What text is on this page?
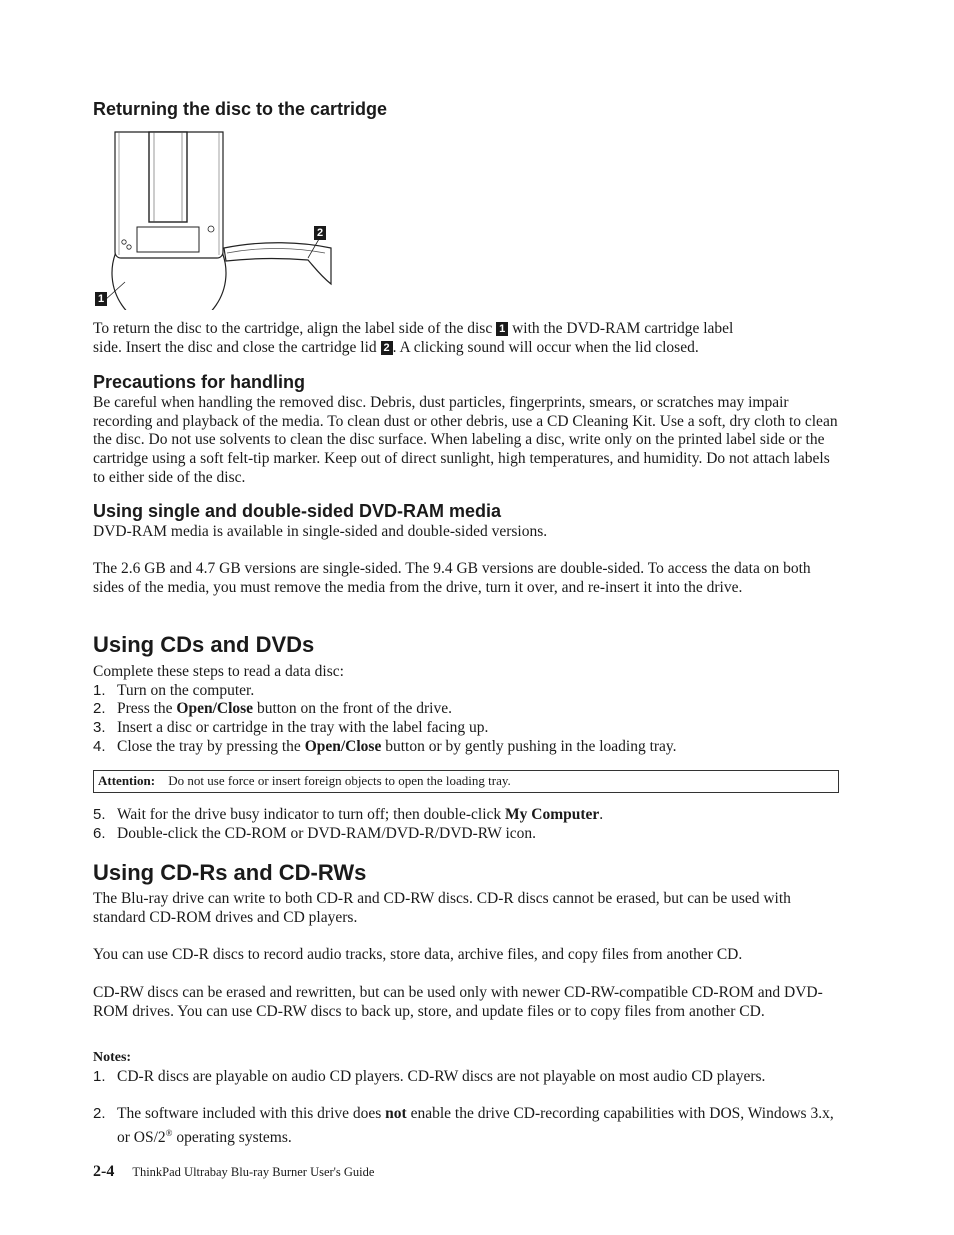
Returning the disc to the cartridge
1
2

To return the disc to the cartridge, align the label side of the disc 1 with the DVD-RAM cartridge label
side. Insert the disc and close the cartridge lid 2 . A clicking sound will occur when the lid closed.

Precautions for handling

Be careful when handling the removed disc. Debris, dust particles, fingerprints, smears, or scratches may impair recording and playback of the media. To clean dust or other debris, use a CD Cleaning Kit. Use a soft, dry cloth to clean the disc. Do not use solvents to clean the disc surface. When labeling a disc, write only on the printed label side or the cartridge using a soft felt-tip marker. Keep out of direct sunlight, high temperatures, and humidity. Do not attach labels to either side of the disc.

Using single and double-sided DVD-RAM media

DVD-RAM media is available in single-sided and double-sided versions.

The 2.6 GB and 4.7 GB versions are single-sided. The 9.4 GB versions are double-sided. To access the data on both sides of the media, you must remove the media from the drive, turn it over, and re-insert it into the drive.

Using CDs and DVDs

Complete these steps to read a data disc:

1. Turn on the computer.
2. Press the Open/Close button on the front of the drive.
3. Insert a disc or cartridge in the tray with the label facing up.
4. Close the tray by pressing the Open/Close button or by gently pushing in the loading tray.
Attention: Do not use force or insert foreign objects to open the loading tray.
5. Wait for the drive busy indicator to turn off; then double-click My Computer.
6. Double-click the CD-ROM or DVD-RAM/DVD-R/DVD-RW icon.
Using CD-Rs and CD-RWs

The Blu-ray drive can write to both CD-R and CD-RW discs. CD-R discs cannot be erased, but can be used with standard CD-ROM drives and CD players.

You can use CD-R discs to record audio tracks, store data, archive files, and copy files from another CD.

CD-RW discs can be erased and rewritten, but can be used only with newer CD-RW-compatible CD-ROM and DVD-ROM drives. You can use CD-RW discs to back up, store, and update files or to copy files from another CD.

Notes:

1. CD-R discs are playable on audio CD players. CD-RW discs are not playable on most audio CD players.
2. The software included with this drive does not enable the drive CD-recording capabilities with DOS, Windows 3.x, or OS/2® operating systems.
2-4 ThinkPad Ultrabay Blu-ray Burner User's Guide
